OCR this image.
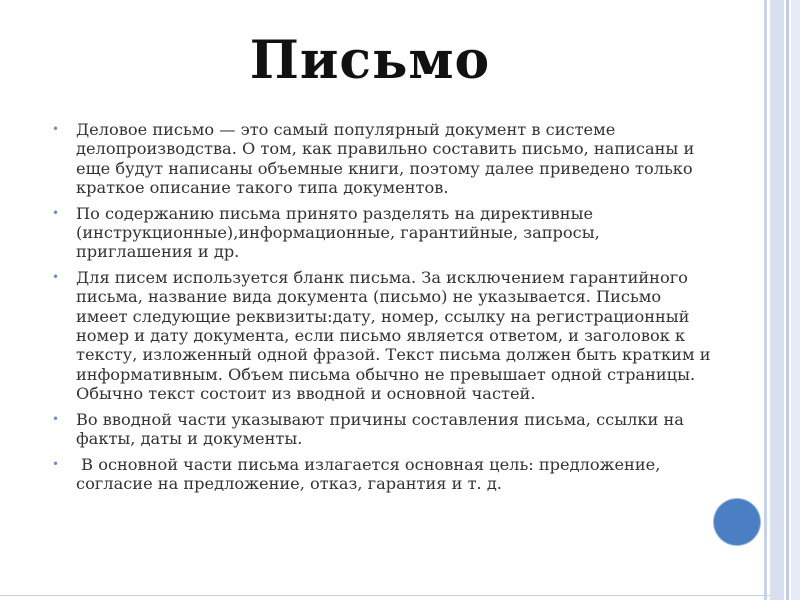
Письмо
• Деловое письмо — это самый популярный документ в системе делопроизводства. О том, как правильно составить письмо, написаны и еще будут написаны объемные книги, поэтому далее приведено только краткое описание такого типа документов.
• По содержанию письма принято разделять на директивные (инструкционные),информационные, гарантийные, запросы, приглашения и др.
• Для писем используется бланк письма. За исключением гарантийного письма, название вида документа (письмо) не указывается. Письмо имеет следующие реквизиты:дату, номер, ссылку на регистрационный номер и дату документа, если письмо является ответом, и заголовок к тексту, изложенный одной фразой. Текст письма должен быть кратким и информативным. Объем письма обычно не превышает одной страницы. Обычно текст состоит из вводной и основной частей.
• Во вводной части указывают причины составления письма, ссылки на факты, даты и документы.
• В основной части письма излагается основная цель: предложение, согласие на предложение, отказ, гарантия и т. д.
